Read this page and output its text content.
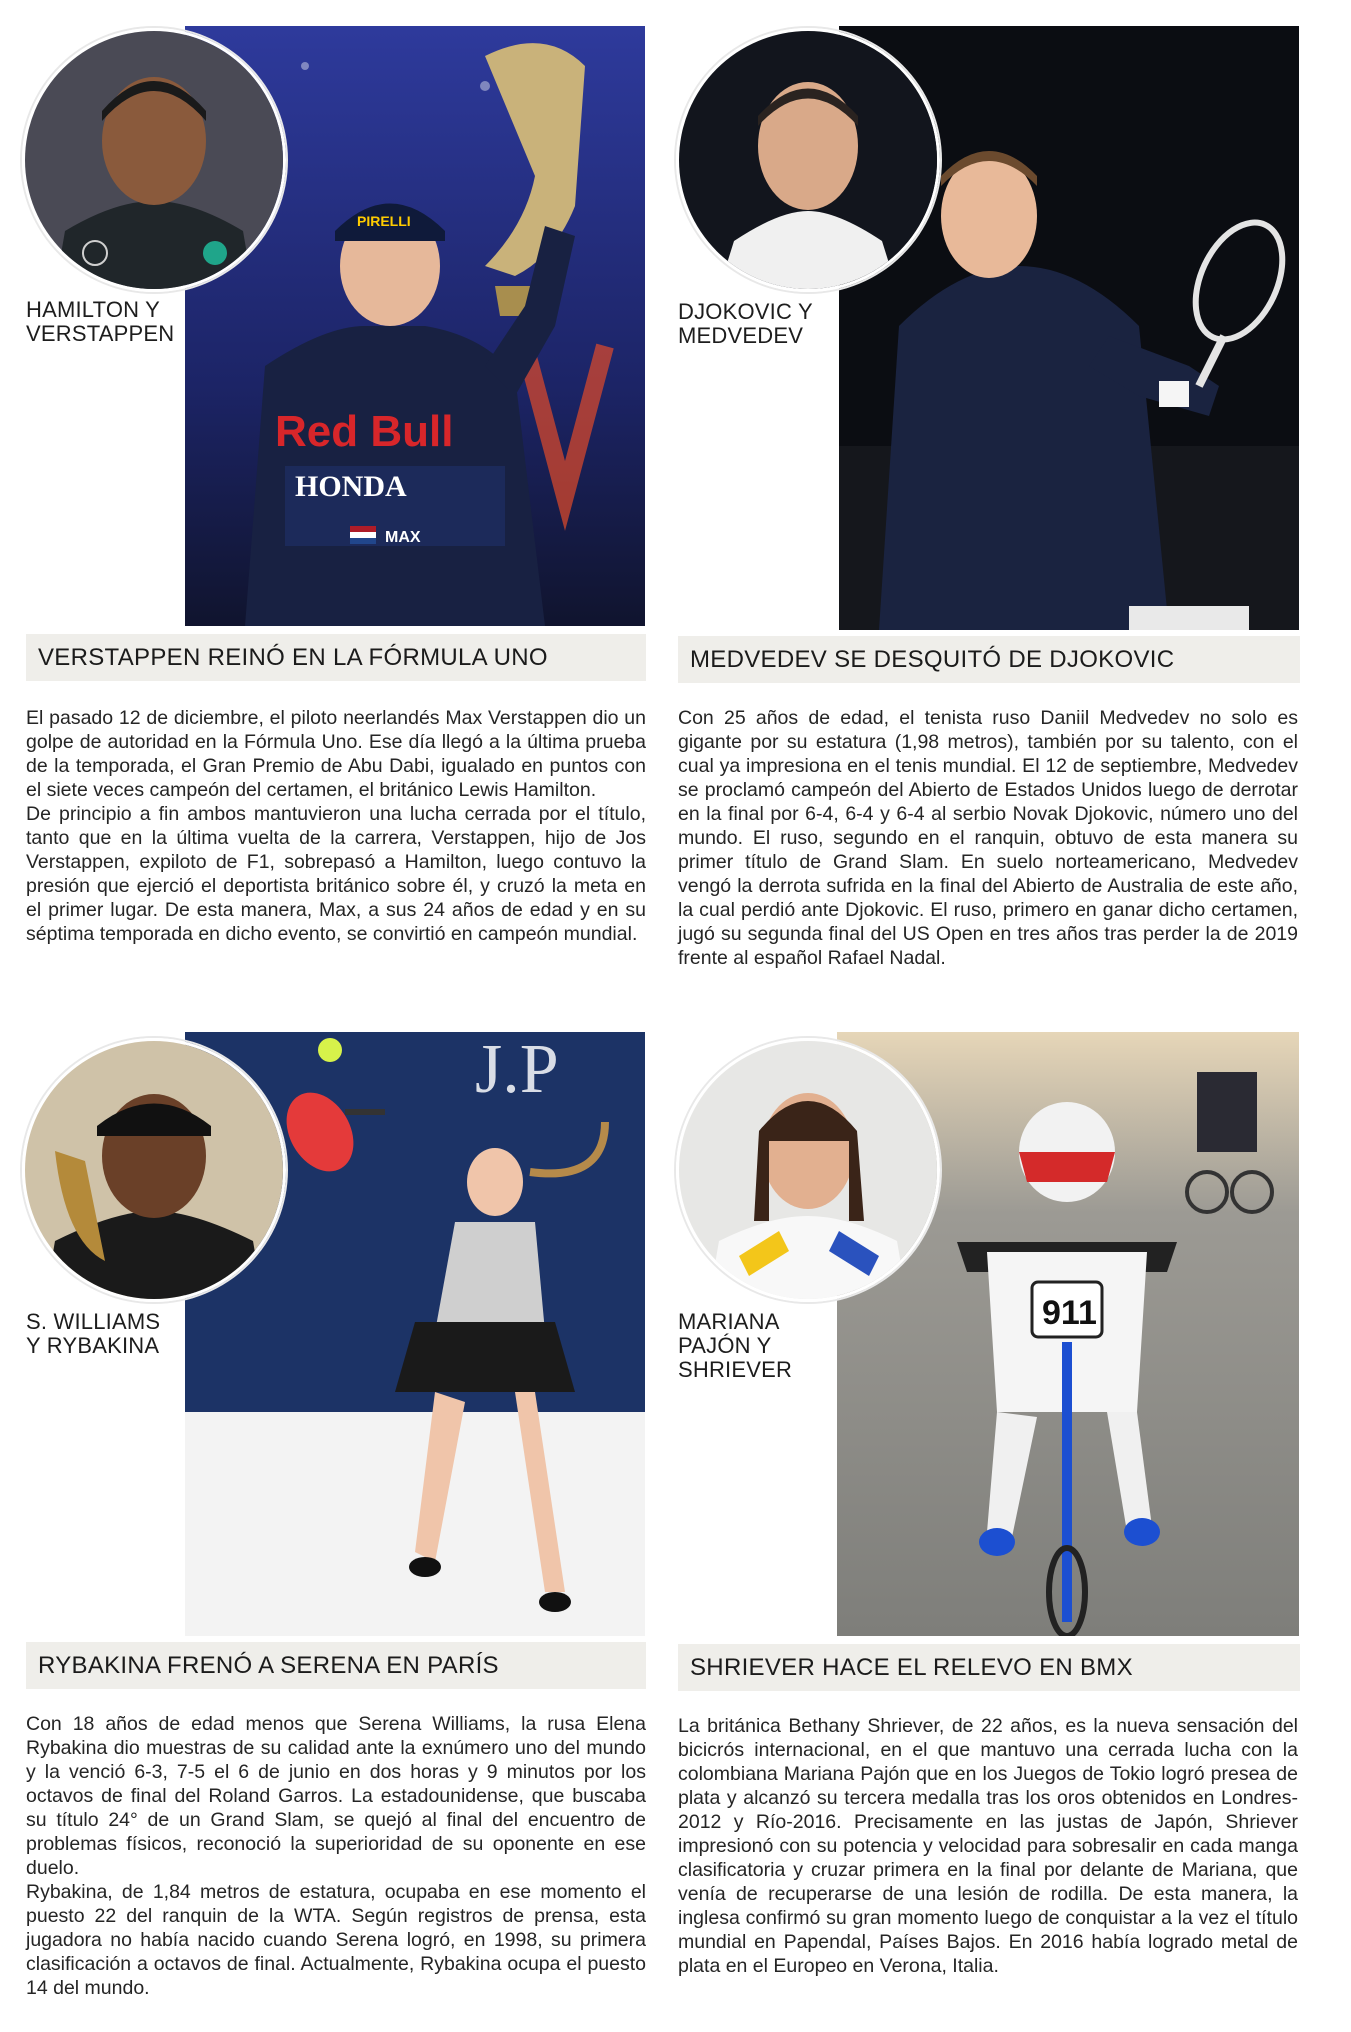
PIRELLI
Red Bull
HONDA
MAX
HAMILTON Y
VERSTAPPEN
VERSTAPPEN REINÓ EN LA FÓRMULA UNO

El pasado 12 de diciembre, el piloto neerlandés Max Verstappen dio un golpe de autoridad en la Fórmula Uno. Ese día llegó a la última prueba de la temporada, el Gran Premio de Abu Dabi, igualado en puntos con el siete veces campeón del certamen, el británico Lewis Hamilton.

De principio a fin ambos mantuvieron una lucha cerrada por el título, tanto que en la última vuelta de la carrera, Verstappen, hijo de Jos Verstappen, expiloto de F1, sobrepasó a Hamilton, luego contuvo la presión que ejerció el deportista británico sobre él, y cruzó la meta en el primer lugar. De esta manera, Max, a sus 24 años de edad y en su séptima temporada en dicho evento, se convirtió en campeón mundial.

DJOKOVIC Y
MEDVEDEV
MEDVEDEV SE DESQUITÓ DE DJOKOVIC

Con 25 años de edad, el tenista ruso Daniil Medvedev no solo es gigante por su estatura (1,98 metros), también por su talento, con el cual ya impresiona en el tenis mundial. El 12 de septiembre, Medvedev se proclamó campeón del Abierto de Estados Unidos luego de derrotar en la final por 6-4, 6-4 y 6-4 al serbio Novak Djokovic, número uno del mundo. El ruso, segundo en el ranquin, obtuvo de esta manera su primer título de Grand Slam. En suelo norteamericano, Medvedev vengó la derrota sufrida en la final del Abierto de Australia de este año, la cual perdió ante Djokovic. El ruso, primero en ganar dicho certamen, jugó su segunda final del US Open en tres años tras perder la de 2019 frente al español Rafael Nadal.

J.P
S. WILLIAMS
Y RYBAKINA
RYBAKINA FRENÓ A SERENA EN PARÍS

Con 18 años de edad menos que Serena Williams, la rusa Elena Rybakina dio muestras de su calidad ante la exnúmero uno del mundo y la venció 6-3, 7-5 el 6 de junio en dos horas y 9 minutos por los octavos de final del Roland Garros. La estadounidense, que buscaba su título 24° de un Grand Slam, se quejó al final del encuentro de problemas físicos, reconoció la superioridad de su oponente en ese duelo.

Rybakina, de 1,84 metros de estatura, ocupaba en ese momento el puesto 22 del ranquin de la WTA. Según registros de prensa, esta jugadora no había nacido cuando Serena logró, en 1998, su primera clasificación a octavos de final. Actualmente, Rybakina ocupa el puesto 14 del mundo.

911
MARIANA
PAJÓN Y
SHRIEVER
SHRIEVER HACE EL RELEVO EN BMX

La británica Bethany Shriever, de 22 años, es la nueva sensación del bicicrós internacional, en el que mantuvo una cerrada lucha con la colombiana Mariana Pajón que en los Juegos de Tokio logró presea de plata y alcanzó su tercera medalla tras los oros obtenidos en Londres-2012 y Río-2016. Precisamente en las justas de Japón, Shriever impresionó con su potencia y velocidad para sobresalir en cada manga clasificatoria y cruzar primera en la final por delante de Mariana, que venía de recuperarse de una lesión de rodilla. De esta manera, la inglesa confirmó su gran momento luego de conquistar a la vez el título mundial en Papendal, Países Bajos. En 2016 había logrado metal de plata en el Europeo en Verona, Italia.
